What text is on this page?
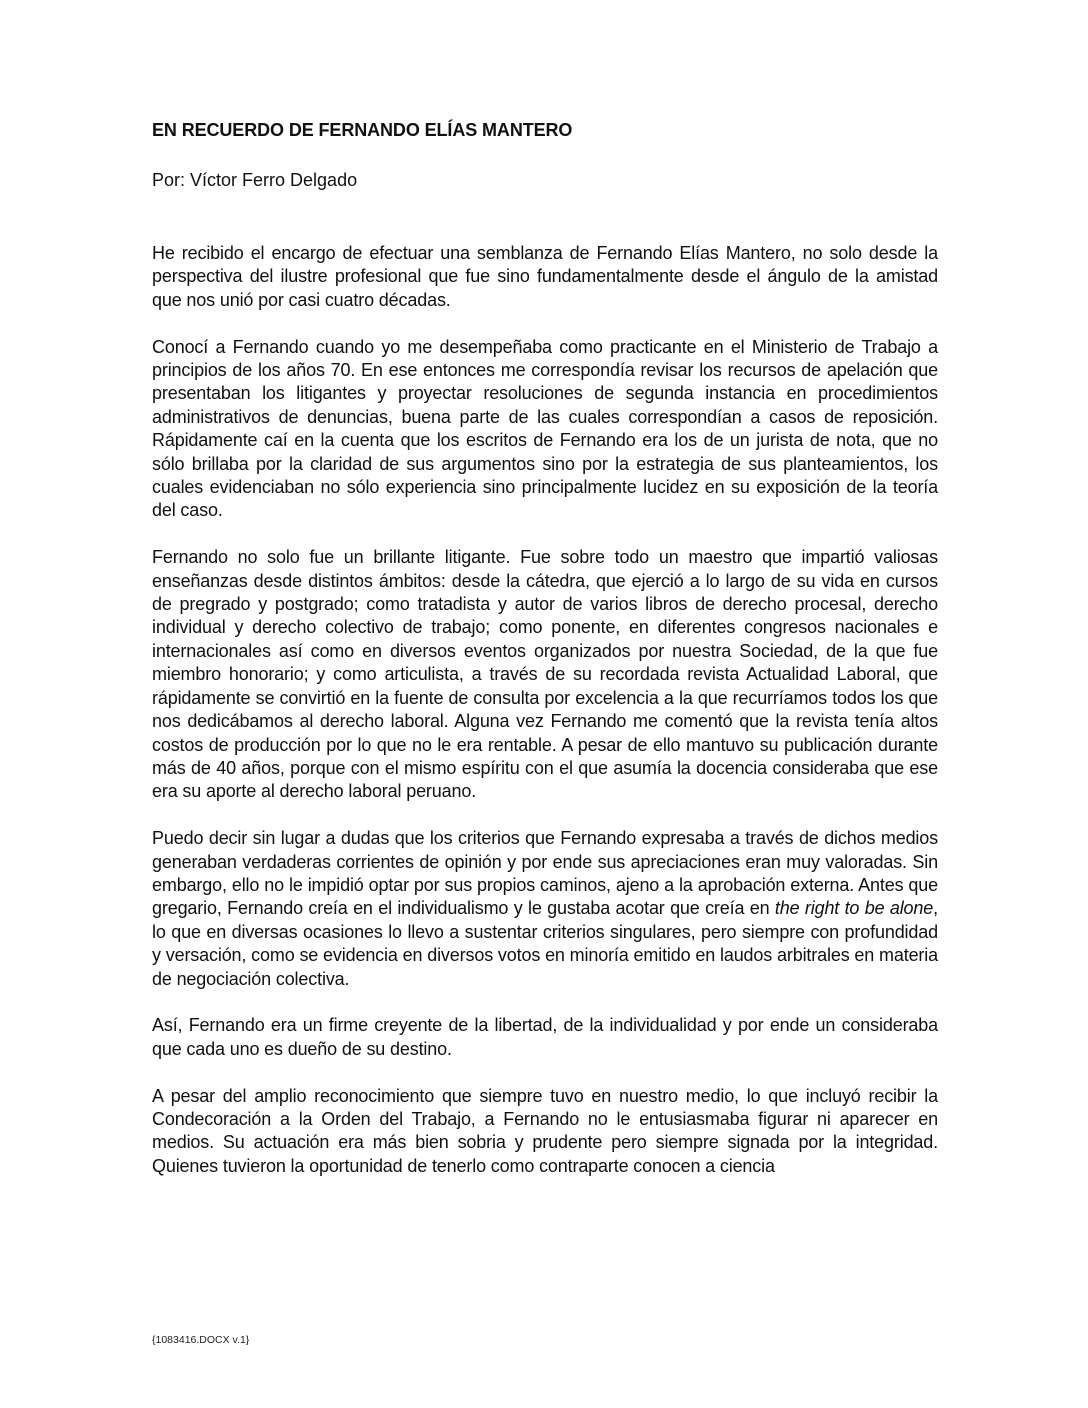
EN RECUERDO DE FERNANDO ELÍAS MANTERO
Por: Víctor Ferro Delgado

He recibido el encargo de efectuar una semblanza de Fernando Elías Mantero, no solo desde la perspectiva del ilustre profesional que fue sino fundamentalmente desde el ángulo de la amistad que nos unió por casi cuatro décadas.

Conocí a Fernando cuando yo me desempeñaba como practicante en el Ministerio de Trabajo a principios de los años 70. En ese entonces me correspondía revisar los recursos de apelación que presentaban los litigantes y proyectar resoluciones de segunda instancia en procedimientos administrativos de denuncias, buena parte de las cuales correspondían a casos de reposición. Rápidamente caí en la cuenta que los escritos de Fernando era los de un jurista de nota, que no sólo brillaba por la claridad de sus argumentos sino por la estrategia de sus planteamientos, los cuales evidenciaban no sólo experiencia sino principalmente lucidez en su exposición de la teoría del caso.

Fernando no solo fue un brillante litigante. Fue sobre todo un maestro que impartió valiosas enseñanzas desde distintos ámbitos: desde la cátedra, que ejerció a lo largo de su vida en cursos de pregrado y postgrado; como tratadista y autor de varios libros de derecho procesal, derecho individual y derecho colectivo de trabajo; como ponente, en diferentes congresos nacionales e internacionales así como en diversos eventos organizados por nuestra Sociedad, de la que fue miembro honorario; y como articulista, a través de su recordada revista Actualidad Laboral, que rápidamente se convirtió en la fuente de consulta por excelencia a la que recurríamos todos los que nos dedicábamos al derecho laboral. Alguna vez Fernando me comentó que la revista tenía altos costos de producción por lo que no le era rentable. A pesar de ello mantuvo su publicación durante más de 40 años, porque con el mismo espíritu con el que asumía la docencia consideraba que ese era su aporte al derecho laboral peruano.

Puedo decir sin lugar a dudas que los criterios que Fernando expresaba a través de dichos medios generaban verdaderas corrientes de opinión y por ende sus apreciaciones eran muy valoradas. Sin embargo, ello no le impidió optar por sus propios caminos, ajeno a la aprobación externa. Antes que gregario, Fernando creía en el individualismo y le gustaba acotar que creía en the right to be alone, lo que en diversas ocasiones lo llevo a sustentar criterios singulares, pero siempre con profundidad y versación, como se evidencia en diversos votos en minoría emitido en laudos arbitrales en materia de negociación colectiva.

Así, Fernando era un firme creyente de la libertad, de la individualidad y por ende un consideraba que cada uno es dueño de su destino.

A pesar del amplio reconocimiento que siempre tuvo en nuestro medio, lo que incluyó recibir la Condecoración a la Orden del Trabajo, a Fernando no le entusiasmaba figurar ni aparecer en medios. Su actuación era más bien sobria y prudente pero siempre signada por la integridad. Quienes tuvieron la oportunidad de tenerlo como contraparte conocen a ciencia

{1083416.DOCX v.1}
